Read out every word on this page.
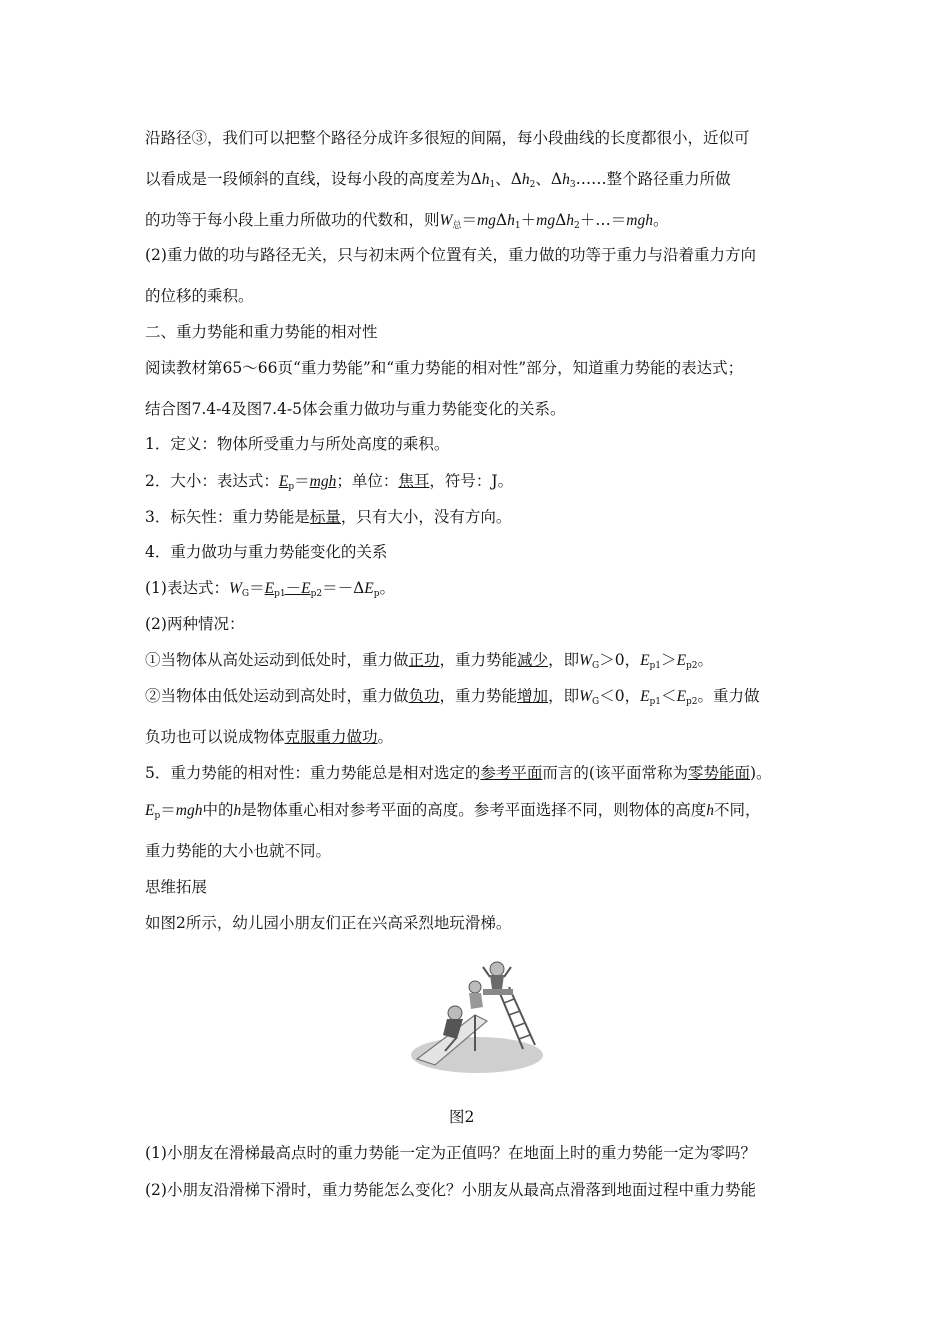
沿路径③，我们可以把整个路径分成许多很短的间隔，每小段曲线的长度都很小，近似可
以看成是一段倾斜的直线，设每小段的高度差为$\Delta h_1$、$\Delta h_2$、$\Delta h_3\dots\dots$整个路径重力所做
的功等于每小段上重力所做功的代数和，则$W_总=mg\Delta h_1+mg\Delta h_2+\dots=mgh$。
(2)重力做的功与路径无关，只与初末两个位置有关，重力做的功等于重力与沿着重力方向
的位移的乘积。
二、重力势能和重力势能的相对性
阅读教材第65～66页“重力势能”和“重力势能的相对性”部分，知道重力势能的表达式；
结合图7.4-4及图7.4-5体会重力做功与重力势能变化的关系。
1．定义：物体所受重力与所处高度的乘积。
2．大小：表达式：$E_p=mgh$；单位：焦耳，符号：J。
3．标矢性：重力势能是标量，只有大小，没有方向。
4．重力做功与重力势能变化的关系
(1)表达式：$W_G=E_{p1}-E_{p2}=-\Delta E_p$。
(2)两种情况：
①当物体从高处运动到低处时，重力做正功，重力势能减少，即$W_G>0$，$E_{p1}>E_{p2}$。
②当物体由低处运动到高处时，重力做负功，重力势能增加，即$W_G<0$，$E_{p1}<E_{p2}$。重力做
负功也可以说成物体克服重力做功。
5．重力势能的相对性：重力势能总是相对选定的参考平面而言的(该平面常称为零势能面)。
$E_p=mgh$中的h是物体重心相对参考平面的高度。参考平面选择不同，则物体的高度h不同，
重力势能的大小也就不同。
思维拓展
如图2所示，幼儿园小朋友们正在兴高采烈地玩滑梯。
图2
(1)小朋友在滑梯最高点时的重力势能一定为正值吗？在地面上时的重力势能一定为零吗？
(2)小朋友沿滑梯下滑时，重力势能怎么变化？小朋友从最高点滑落到地面过程中重力势能
